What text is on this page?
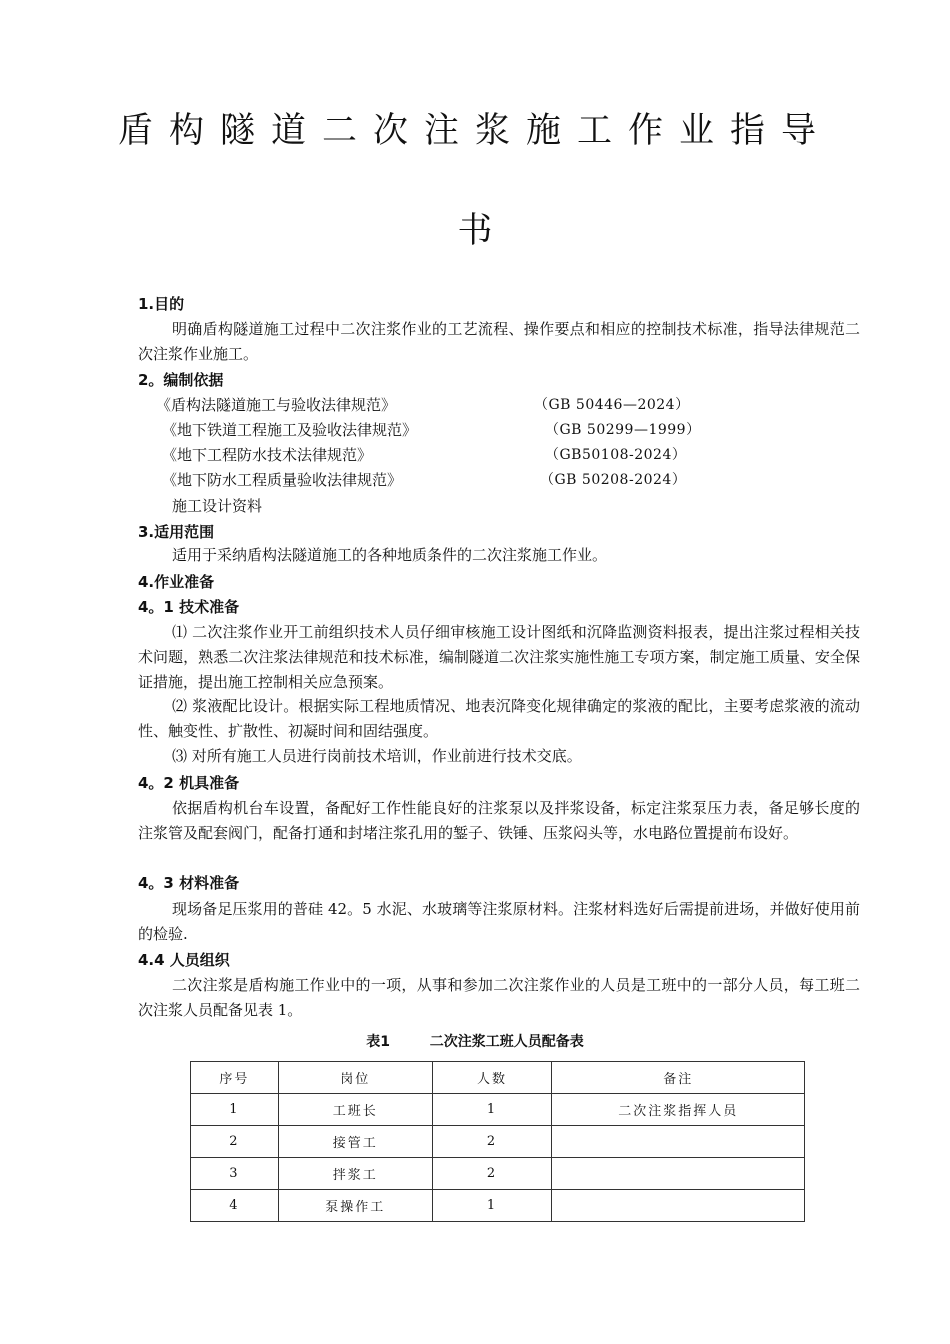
盾构隧道二次注浆施工作业指导
书
1.目的

明确盾构隧道施工过程中二次注浆作业的工艺流程、操作要点和相应的控制技术标准，指导法律规范二次注浆作业施工。

2。编制依据
《盾构法隧道施工与验收法律规范》	（GB 50446—2024）
《地下铁道工程施工及验收法律规范》	（GB 50299—1999）
《地下工程防水技术法律规范》	（GB50108-2024）
《地下防水工程质量验收法律规范》	（GB 50208-2024）
施工设计资料
3.适用范围

适用于采纳盾构法隧道施工的各种地质条件的二次注浆施工作业。

4.作业准备
4。1 技术准备

⑴ 二次注浆作业开工前组织技术人员仔细审核施工设计图纸和沉降监测资料报表，提出注浆过程相关技术问题，熟悉二次注浆法律规范和技术标准，编制隧道二次注浆实施性施工专项方案，制定施工质量、安全保证措施，提出施工控制相关应急预案。

⑵ 浆液配比设计。根据实际工程地质情况、地表沉降变化规律确定的浆液的配比，主要考虑浆液的流动性、触变性、扩散性、初凝时间和固结强度。

⑶ 对所有施工人员进行岗前技术培训，作业前进行技术交底。

4。2 机具准备

依据盾构机台车设置，备配好工作性能良好的注浆泵以及拌浆设备，标定注浆泵压力表，备足够长度的注浆管及配套阀门，配备打通和封堵注浆孔用的錾子、铁锤、压浆闷头等，水电路位置提前布设好。

4。3 材料准备

现场备足压浆用的普硅 42。5 水泥、水玻璃等注浆原材料。注浆材料选好后需提前进场，并做好使用前的检验.

4.4 人员组织

二次注浆是盾构施工作业中的一项，从事和参加二次注浆作业的人员是工班中的一部分人员，每工班二次注浆人员配备见表 1。

表1	二次注浆工班人员配备表
序号	岗位	人数	备注
1	工班长	1	二次注浆指挥人员
2	接管工	2	
3	拌浆工	2	
4	泵操作工	1	
